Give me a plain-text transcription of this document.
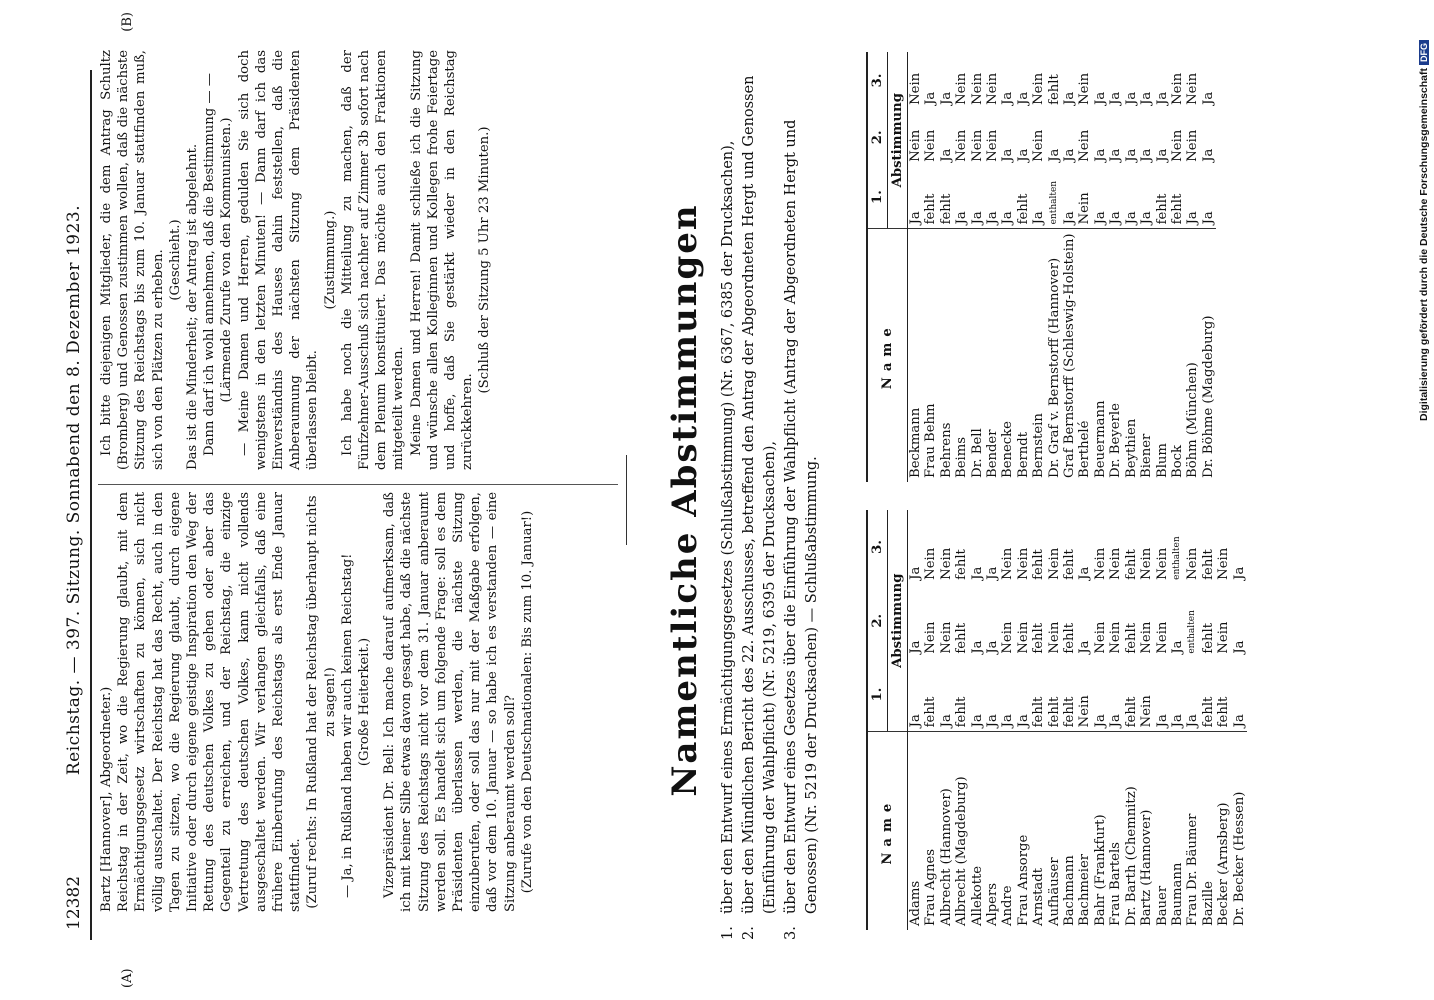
12382
Reichstag. — 397. Sitzung. Sonnabend den 8. Dezember 1923.
(A)
(B)

Bartz [Hannover], Abgeordneter.) Reichstag in der Zeit, wo die Regierung glaubt, mit dem Ermächtigungsgesetz wirtschaften zu können, sich nicht völlig ausschaltet. Der Reichstag hat das Recht, auch in den Tagen zu sitzen, wo die Regierung glaubt, durch eigene Initiative oder durch eigene geistige Inspiration den Weg der Rettung des deutschen Volkes zu gehen oder aber das Gegenteil zu erreichen, und der Reichstag, die einzige Vertretung des deutschen Volkes, kann nicht vollends ausgeschaltet werden. Wir verlangen gleichfalls, daß eine frühere Einberufung des Reichstags als erst Ende Januar stattfindet. (Zuruf rechts: In Rußland hat der Reichstag überhaupt nichts zu sagen!) — Ja, in Rußland haben wir auch keinen Reichstag! (Große Heiterkeit.) Vizepräsident Dr. Bell: Ich mache darauf aufmerksam, daß ich mit keiner Silbe etwas davon gesagt habe, daß die nächste Sitzung des Reichstags nicht vor dem 31. Januar anberaumt werden soll. Es handelt sich um folgende Frage: soll es dem Präsidenten überlassen werden, die nächste Sitzung einzuberufen, oder soll das nur mit der Maßgabe erfolgen, daß vor dem 10. Januar — so habe ich es verstanden — eine Sitzung anberaumt werden soll? (Zurufe von den Deutschnationalen: Bis zum 10. Januar!)

Ich bitte diejenigen Mitglieder, die dem Antrag Schultz (Bromberg) und Genossen zustimmen wollen, daß die nächste Sitzung des Reichstags bis zum 10. Januar stattfinden muß, sich von den Plätzen zu erheben. (Geschieht.) Das ist die Minderheit; der Antrag ist abgelehnt. Dann darf ich wohl annehmen, daß die Bestimmung — — (Lärmende Zurufe von den Kommunisten.) — Meine Damen und Herren, gedulden Sie sich doch wenigstens in den letzten Minuten! — Dann darf ich das Einverständnis des Hauses dahin feststellen, daß die Anberaumung der nächsten Sitzung dem Präsidenten überlassen bleibt.

(Zustimmung.) Ich habe noch die Mitteilung zu machen, daß der Fünfzehner-Ausschuß sich nachher auf Zimmer 3b sofort nach dem Plenum konstituiert. Das möchte auch den Fraktionen mitgeteilt werden. Meine Damen und Herren! Damit schließe ich die Sitzung und wünsche allen Kolleginnen und Kollegen frohe Feiertage und hoffe, daß Sie gestärkt wieder in den Reichstag zurückkehren.

(Schluß der Sitzung 5 Uhr 23 Minuten.)	Namentliche Abstimmungen
1.
über den Entwurf eines Ermächtigungsgesetzes (Schlußabstimmung) (Nr. 6367, 6385 der Drucksachen),
2.
über den Mündlichen Bericht des 22. Ausschusses, betreffend den Antrag der Abgeordneten Hergt und Genossen (Einführung der Wahlpflicht) (Nr. 5219, 6395 der Drucksachen),
3.
über den Entwurf eines Gesetzes über die Einführung der Wahlpflicht (Antrag der Abgeordneten Hergt und Genossen) (Nr. 5219 der Drucksachen) — Schlußabstimmung.	Name	1.	2.	3.
	Abstimmung		
Adams	Ja	Ja	Ja
Frau Agnes	fehlt	Nein	Nein
Albrecht (Hannover)	Ja	Nein	Nein
Albrecht (Magdeburg)	fehlt	fehlt	fehlt
Allekotte	Ja	Ja	Ja
Alpers	Ja	Ja	Ja
Andre	Ja	Nein	Nein
Frau Ansorge	Ja	Nein	Nein
Arnstadt	fehlt	fehlt	fehlt
Aufhäuser	fehlt	Nein	Nein

Bachmann	fehlt	fehlt	fehlt
Bachmeier	Nein	Ja	Ja
Bahr (Frankfurt)	Ja	Nein	Nein
Frau Bartels	Ja	Nein	Nein
Dr. Barth (Chemnitz)	fehlt	fehlt	fehlt
Bartz (Hannover)	Nein	Nein	Nein
Bauer	Ja	Nein	Nein
Baumann	Ja	Ja	enthalten
Frau Dr. Bäumer	Ja	enthalten	Nein
Bazille	fehlt	fehlt	fehlt
Becker (Arnsberg)	fehlt	Nein	Nein
Dr. Becker (Hessen)	Ja	Ja	Ja
Name	1.	2.	3.
	Abstimmung		
Beckmann	Ja	Nein	Nein
Frau Behm	fehlt	Nein	Ja
Behrens	fehlt	Ja	Ja
Beims	Ja	Nein	Nein
Dr. Bell	Ja	Nein	Nein
Bender	Ja	Nein	Nein
Benecke	Ja	Ja	Ja
Berndt	fehlt	Ja	Ja
Bernstein	Ja	Nein	Nein
Dr. Graf v. Bernstorff (Hannover)	enthalten	Ja	fehlt
Graf Bernstorff (Schleswig-Holstein)	Ja	Ja	Ja
Berthelé	Nein	Nein	Nein
Beuermann	Ja	Ja	Ja
Dr. Beyerle	Ja	Ja	Ja
Beythien	Ja	Ja	Ja
Biener	Ja	Ja	Ja
Blum	fehlt	Ja	Ja
Bock	fehlt	Nein	Nein
Böhm (München)	Ja	Nein	Nein
Dr. Böhme (Magdeburg)	Ja	Ja	Ja	Digitalisierung gefördert durch die Deutsche ForschungsgemeinschaftDFG
